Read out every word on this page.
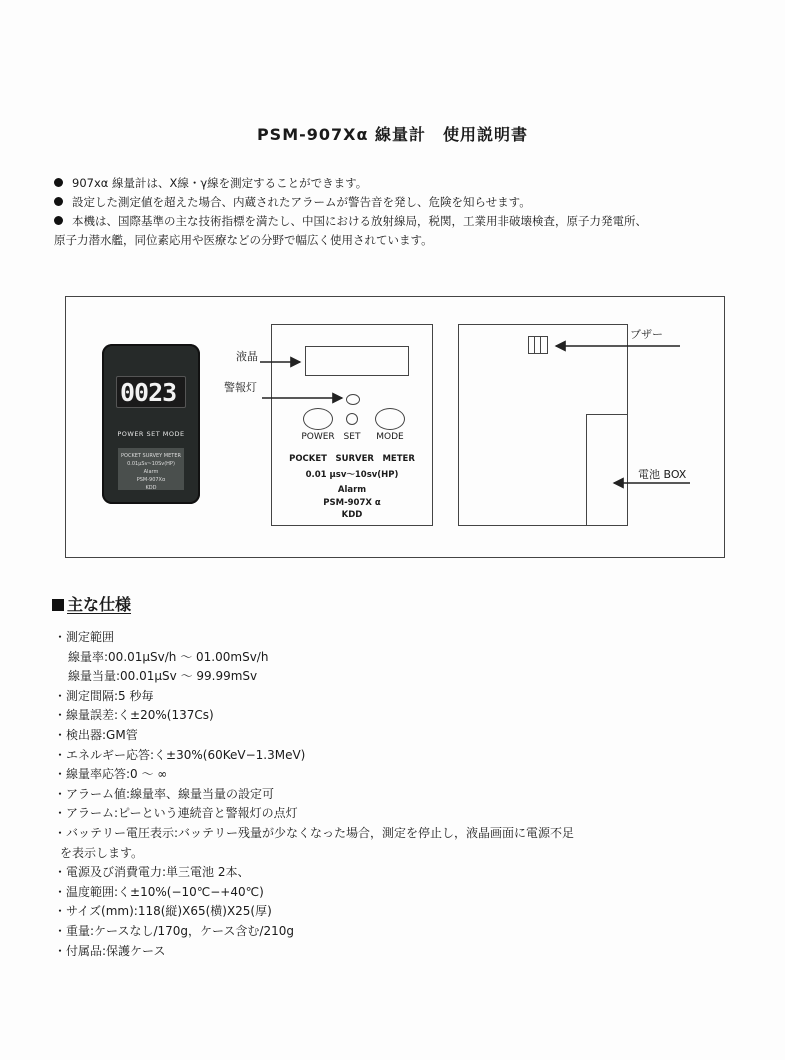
PSM-907Xα 線量計　使用説明書
907xα 線量計は、X線・γ線を測定することができます。
設定した測定値を超えた場合、内蔵されたアラームが警告音を発し、危険を知らせます。
本機は、国際基準の主な技術指標を満たし、中国における放射線局，税関，工業用非破壊検査，原子力発電所、
原子力潜水艦，同位素応用や医療などの分野で幅広く使用されています。
0023
POWER SET MODE
POCKET SURVEY METER
0.01μSv~10Sv(HP)
Alarm
PSM-907Xα
KDD
POWER SET	MODE
POCKET　SURVER　METER
0.01 μsv～10sv(HP)
Alarm
PSM-907X α
KDD
液晶
警報灯
ブザー
電池 BOX
主な仕様
・測定範囲
線量率:00.01μSv/h ～ 01.00mSv/h
線量当量:00.01μSv ～ 99.99mSv
・測定間隔:5 秒毎
・線量誤差:く±20%(137Cs)
・検出器:GM管
・エネルギー応答:く±30%(60KeV−1.3MeV)
・線量率応答:0 ～ ∞
・アラーム値:線量率、線量当量の設定可
・アラーム:ピーという連続音と警報灯の点灯
・バッテリー電圧表示:バッテリー残量が少なくなった場合，測定を停止し，液晶画面に電源不足
を表示します。
・電源及び消費電力:単三電池 2本、
・温度範囲:く±10%(−10℃−+40℃)
・サイズ(mm):118(縦)X65(横)X25(厚)
・重量:ケースなし/170g，ケース含む/210g
・付属品:保護ケース
